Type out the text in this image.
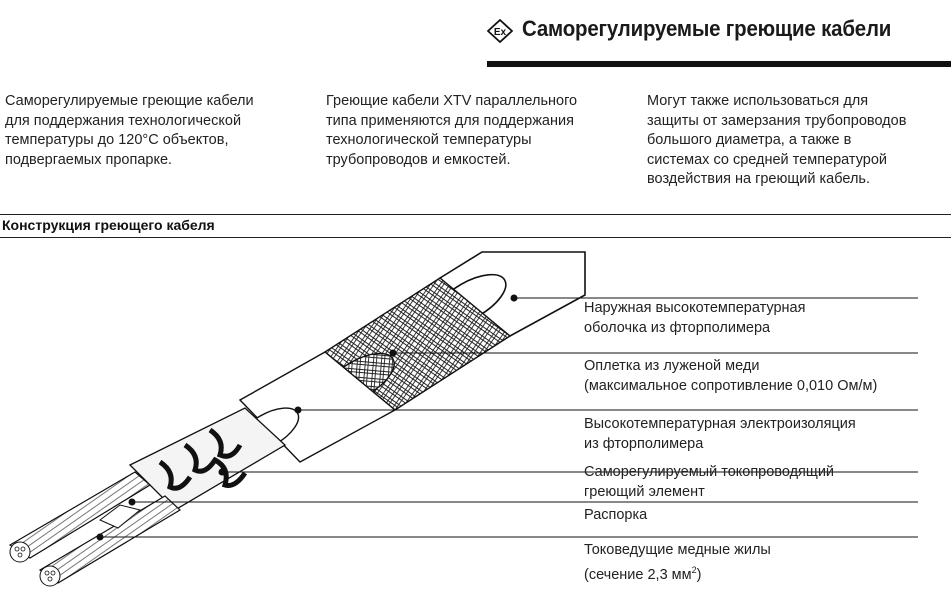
Ex Саморегулируемые греющие кабели
Саморегулируемые греющие кабели
для поддержания технологической
температуры до 120°С объектов,
подвергаемых пропарке.
Греющие кабели XTV параллельного
типа применяются для поддержания
технологической температуры
трубопроводов и емкостей.
Могут также использоваться для
защиты от замерзания трубопроводов
большого диаметра, а также в
системах со средней температурой
воздействия на греющий кабель.
Конструкция греющего кабеля
Наружная высокотемпературная
оболочка из фторполимера
Оплетка из луженой меди
(максимальное сопротивление 0,010 Ом/м)
Высокотемпературная электроизоляция
из фторполимера
Саморегулируемый токопроводящий
греющий элемент
Распорка
Токоведущие медные жилы
(сечение 2,3 $мм^2$)
